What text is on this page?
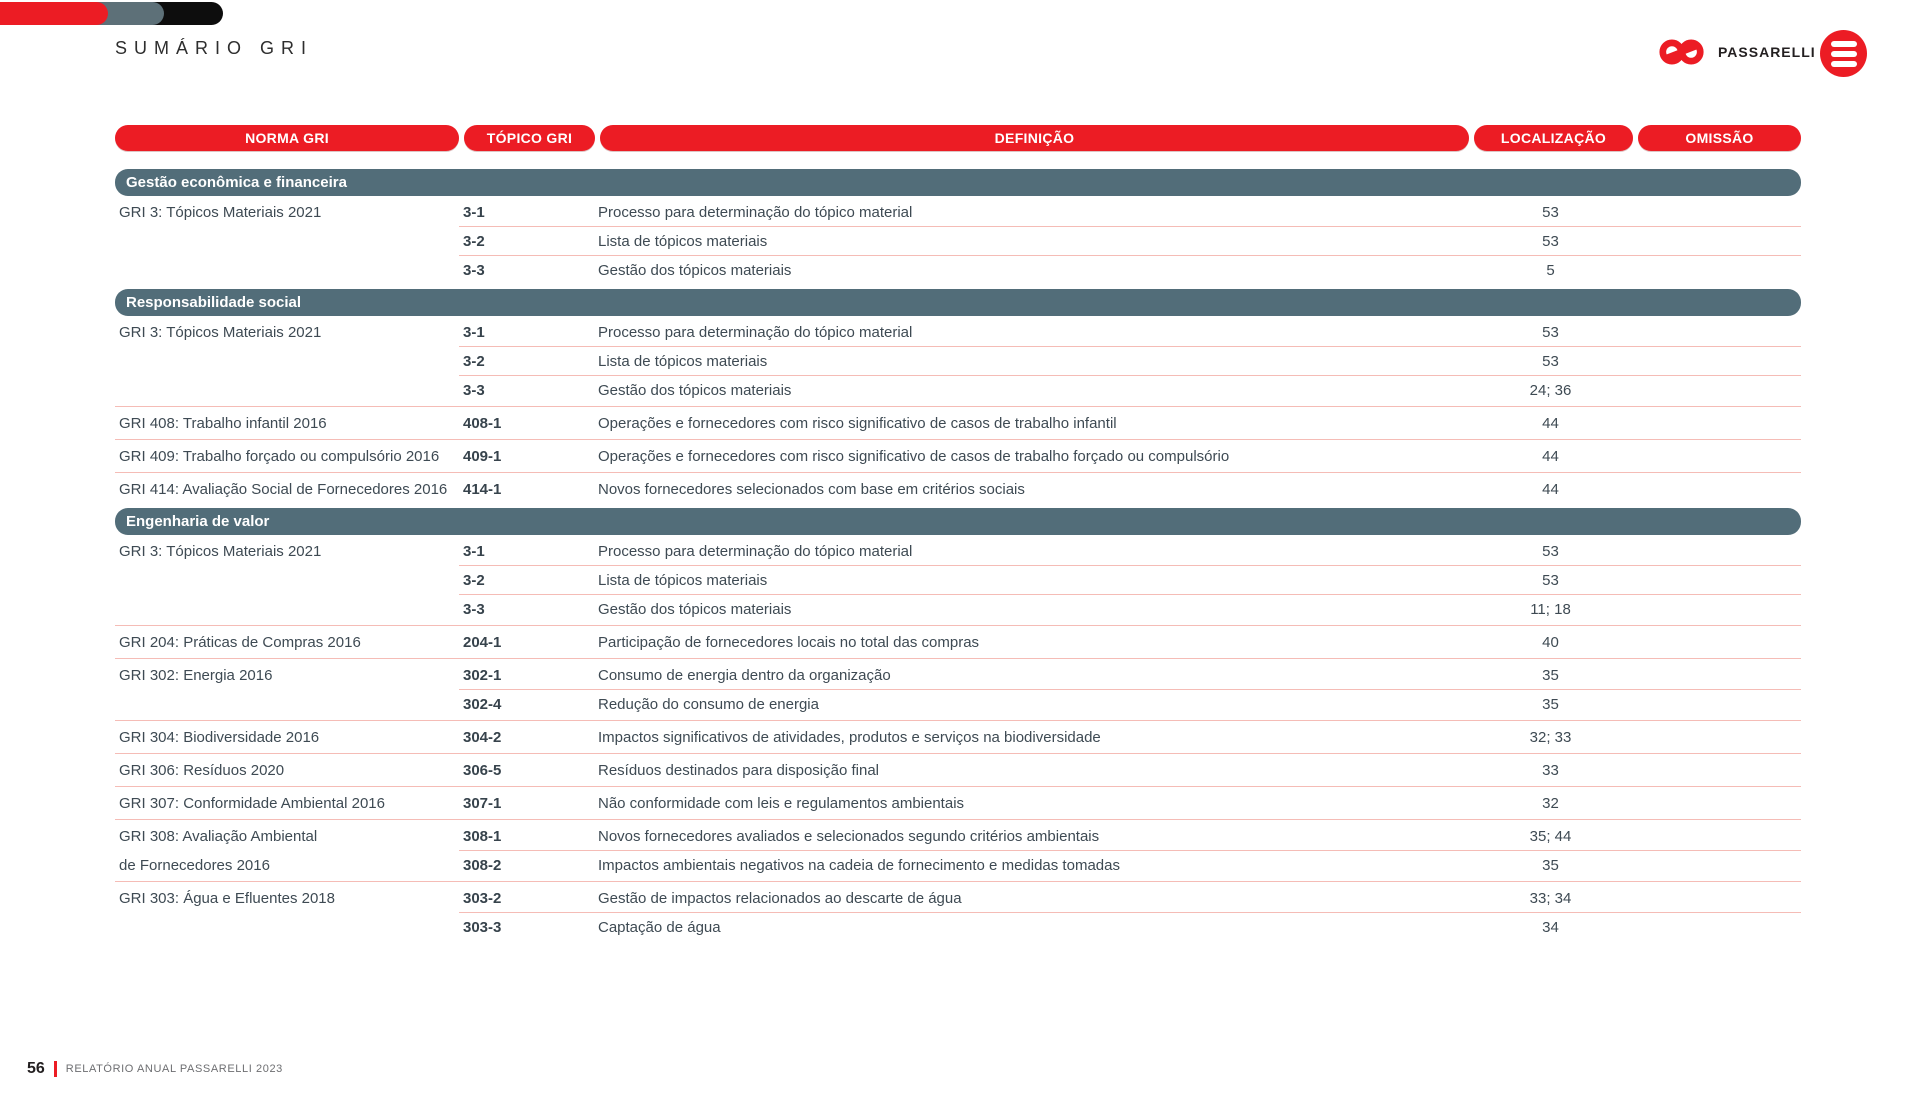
SUMÁRIO GRI	PASSARELLI
NORMA GRI	TÓPICO GRI	DEFINIÇÃO	LOCALIZAÇÃO	OMISSÃO
Gestão econômica e financeira
GRI 3: Tópicos Materiais 2021	3-1	Processo para determinação do tópico material	53
3-2	Lista de tópicos materiais	53
3-3	Gestão dos tópicos materiais	5
Responsabilidade social
GRI 3: Tópicos Materiais 2021	3-1	Processo para determinação do tópico material	53
3-2	Lista de tópicos materiais	53
3-3	Gestão dos tópicos materiais	24; 36
GRI 408: Trabalho infantil 2016	408-1	Operações e fornecedores com risco significativo de casos de trabalho infantil	44
GRI 409: Trabalho forçado ou compulsório 2016	409-1	Operações e fornecedores com risco significativo de casos de trabalho forçado ou compulsório	44
GRI 414: Avaliação Social de Fornecedores 2016	414-1	Novos fornecedores selecionados com base em critérios sociais	44
Engenharia de valor
GRI 3: Tópicos Materiais 2021	3-1	Processo para determinação do tópico material	53
3-2	Lista de tópicos materiais	53
3-3	Gestão dos tópicos materiais	11; 18
GRI 204: Práticas de Compras 2016	204-1	Participação de fornecedores locais no total das compras	40
GRI 302: Energia 2016	302-1	Consumo de energia dentro da organização	35
302-4	Redução do consumo de energia	35
GRI 304: Biodiversidade 2016	304-2	Impactos significativos de atividades, produtos e serviços na biodiversidade	32; 33
GRI 306: Resíduos 2020	306-5	Resíduos destinados para disposição final	33
GRI 307: Conformidade Ambiental 2016	307-1	Não conformidade com leis e regulamentos ambientais	32
GRI 308: Avaliação Ambiental
de Fornecedores 2016
308-1	Novos fornecedores avaliados e selecionados segundo critérios ambientais	35; 44
308-2	Impactos ambientais negativos na cadeia de fornecimento e medidas tomadas	35
GRI 303: Água e Efluentes 2018	303-2	Gestão de impactos relacionados ao descarte de água	33; 34
303-3	Captação de água	34
56 RELATÓRIO ANUAL PASSARELLI 2023
